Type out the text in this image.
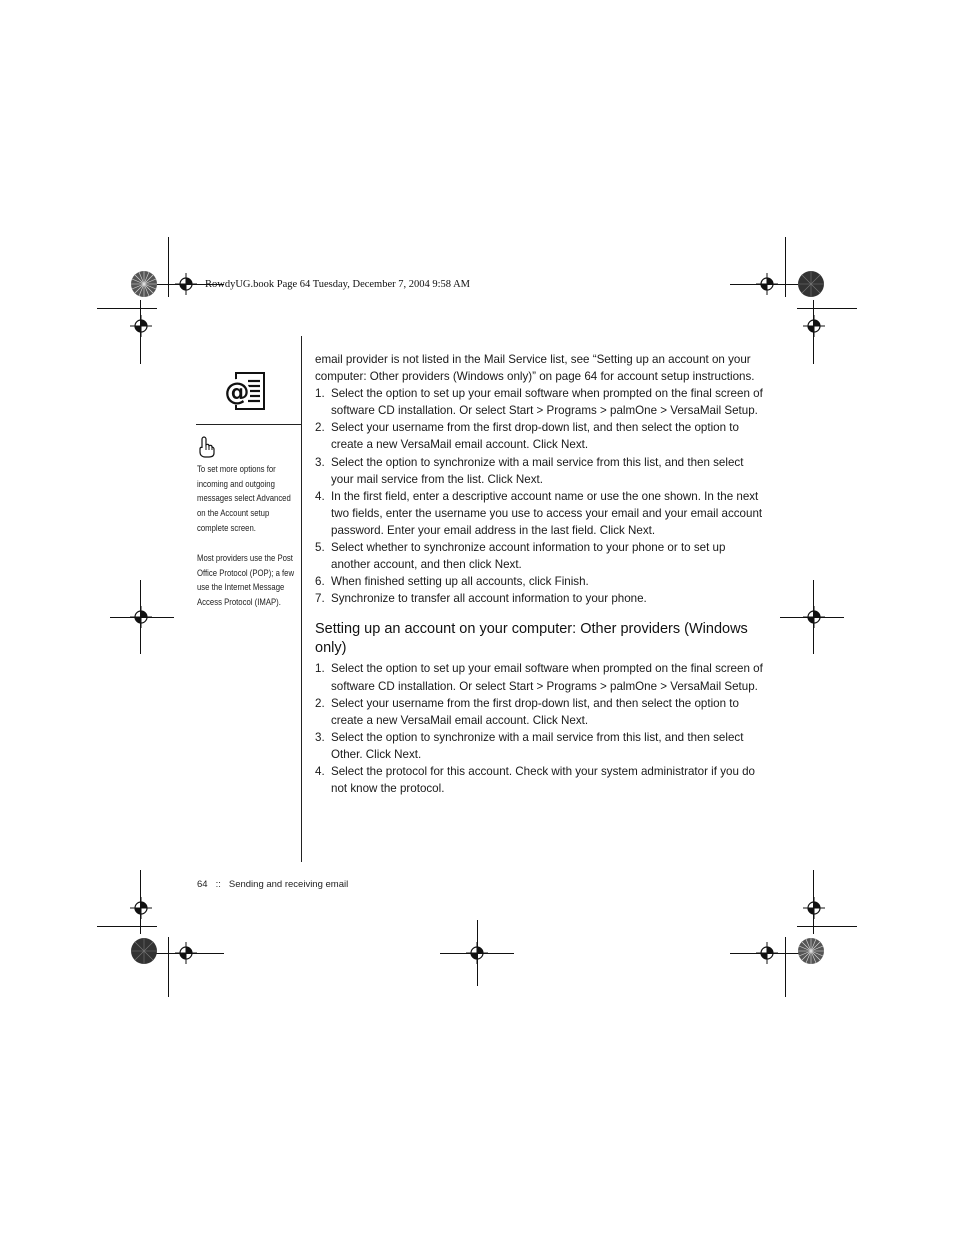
RowdyUG.book Page 64 Tuesday, December 7, 2004 9:58 AM
@
To set more options for incoming and outgoing messages select Advanced on the Account setup complete screen.
Most providers use the Post Office Protocol (POP); a few use the Internet Message Access Protocol (IMAP).

email provider is not listed in the Mail Service list, see “Setting up an account on your computer: Other providers (Windows only)” on page 64 for account setup instructions.

1. Select the option to set up your email software when prompted on the final screen of software CD installation. Or select Start > Programs > palmOne > VersaMail Setup.
2. Select your username from the first drop-down list, and then select the option to create a new VersaMail email account. Click Next.
3. Select the option to synchronize with a mail service from this list, and then select your mail service from the list. Click Next.
4. In the first field, enter a descriptive account name or use the one shown. In the next two fields, enter the username you use to access your email and your email account password. Enter your email address in the last field. Click Next.
5. Select whether to synchronize account information to your phone or to set up another account, and then click Next.
6. When finished setting up all accounts, click Finish.
7. Synchronize to transfer all account information to your phone.
Setting up an account on your computer: Other providers (Windows only)
1. Select the option to set up your email software when prompted on the final screen of software CD installation. Or select Start > Programs > palmOne > VersaMail Setup.
2. Select your username from the first drop-down list, and then select the option to create a new VersaMail email account. Click Next.
3. Select the option to synchronize with a mail service from this list, and then select Other. Click Next.
4. Select the protocol for this account. Check with your system administrator if you do not know the protocol.
64 :: Sending and receiving email
